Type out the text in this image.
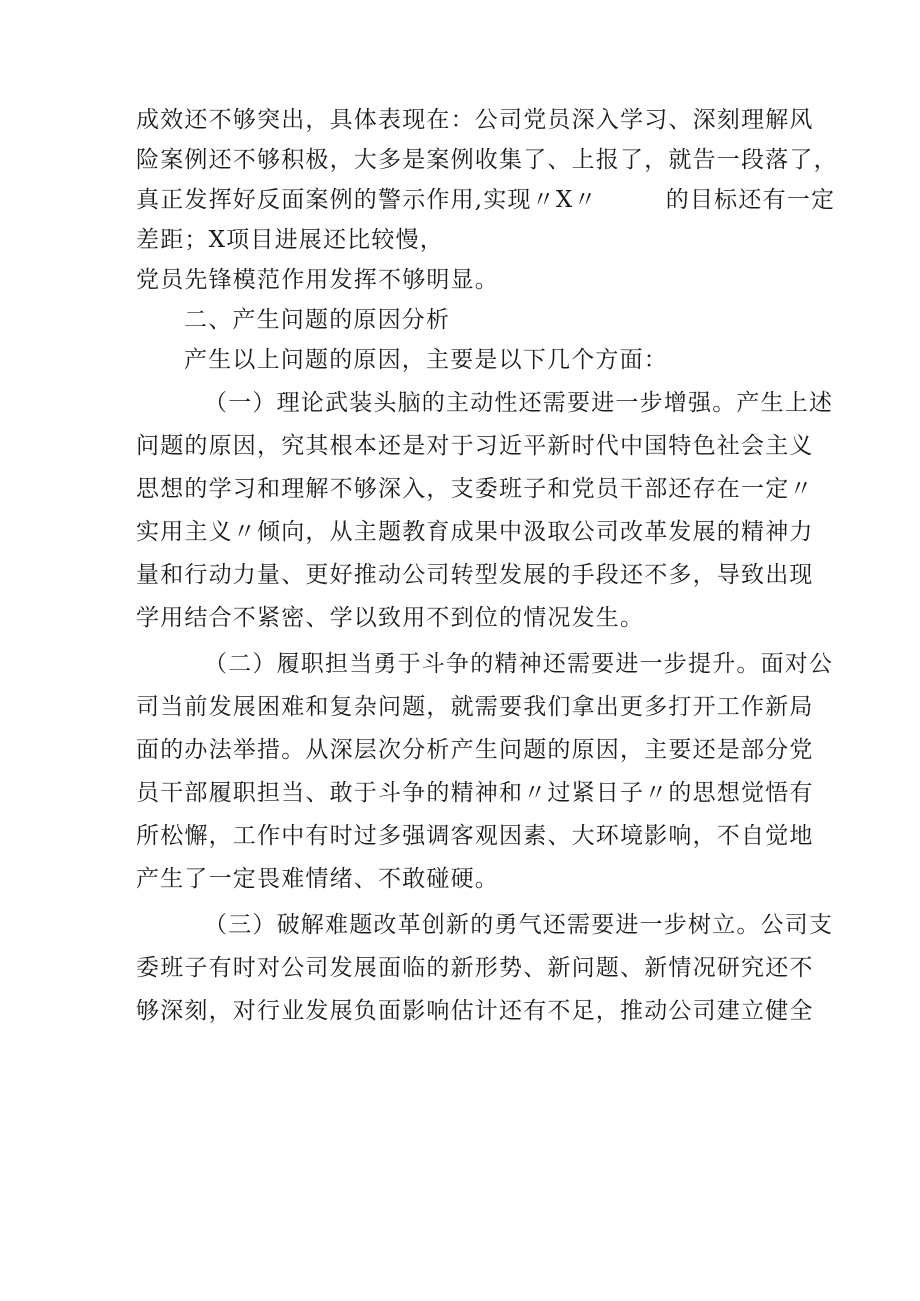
成效还不够突出，具体表现在：公司党员深入学习、深刻理解风

险案例还不够积极，大多是案例收集了、上报了，就告一段落了，

真正发挥好反面案例的警示作用,实现〃X〃        的目标还有一定

差距；X项目进展还比较慢，

党员先锋模范作用发挥不够明显。

二、产生问题的原因分析

产生以上问题的原因，主要是以下几个方面：

（一）理论武装头脑的主动性还需要进一步增强。产生上述

问题的原因，究其根本还是对于习近平新时代中国特色社会主义

思想的学习和理解不够深入，支委班子和党员干部还存在一定〃

实用主义〃倾向，从主题教育成果中汲取公司改革发展的精神力

量和行动力量、更好推动公司转型发展的手段还不多，导致出现

学用结合不紧密、学以致用不到位的情况发生。

（二）履职担当勇于斗争的精神还需要进一步提升。面对公

司当前发展困难和复杂问题，就需要我们拿出更多打开工作新局

面的办法举措。从深层次分析产生问题的原因，主要还是部分党

员干部履职担当、敢于斗争的精神和〃过紧日子〃的思想觉悟有

所松懈，工作中有时过多强调客观因素、大环境影响，不自觉地

产生了一定畏难情绪、不敢碰硬。

（三）破解难题改革创新的勇气还需要进一步树立。公司支

委班子有时对公司发展面临的新形势、新问题、新情况研究还不

够深刻，对行业发展负面影响估计还有不足，推动公司建立健全
